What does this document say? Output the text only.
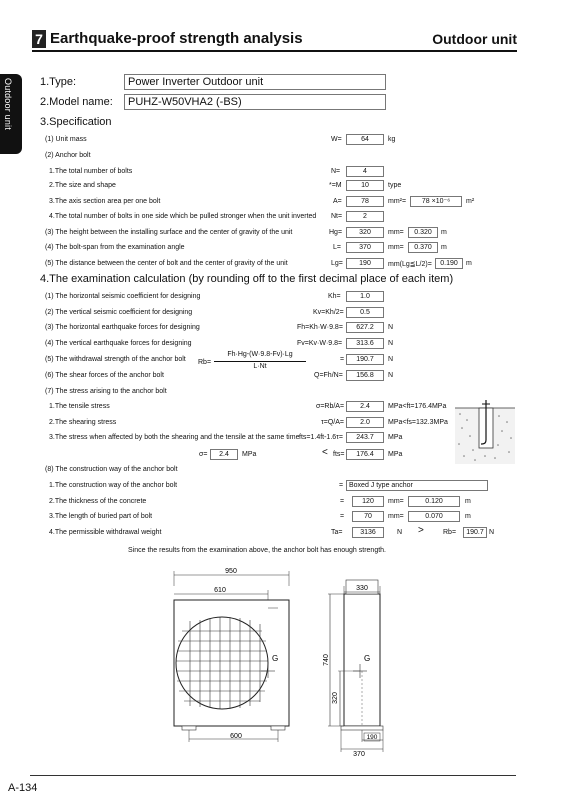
7 Earthquake-proof strength analysis	Outdoor unit
Outdoor unit 1.Type:	Power Inverter Outdoor unit
2.Model name:	PUHZ-W50VHA2 (-BS)
3.Specification
(1) Unit mass	W=	64	kg
(2) Anchor bolt
1.The total number of bolts	N=	4
2.The size and shape	*=M	10	type
3.The axis section area per one bolt	A=	78	mm²=	78 ×10⁻⁶	m²
4.The total number of bolts in one side which be pulled stronger when the unit inverted Nt=	2
(3) The height between the installing surface and the center of gravity of the unit	Hg=	320	mm=	0.320	m
(4) The bolt-span from the examination angle	L=	370	mm=	0.370	m
(5) The distance between the center of bolt and the center of gravity of the unit	Lg=	190	mm(Lg≦L/2)=	0.190	m
4.The examination calculation (by rounding off to the first decimal place of each item)
(1) The horizontal seismic coefficient for designing	Kh=	1.0
(2) The vertical seismic coefficient for designing	Kv=Kh/2=	0.5
(3) The horizontal earthquake forces for designing	Fh=Kh·W·9.8=	627.2	N
(4) The vertical earthquake forces for designing	Fv=Kv·W·9.8=	313.6	N
(5) The withdrawal strength of the anchor bolt Rb=
Fh·Hg-(W·9.8-Fv)·Lg
L·Nt
=	190.7	N
(6) The shear forces of the anchor bolt	Q=Fh/N=	156.8	N
(7) The stress arising to the anchor bolt
1.The tensile stress	σ=Rb/A=	2.4	MPa<ft=176.4MPa
2.The shearing stress	τ=Q/A=	2.0	MPa<fs=132.3MPa
3.The stress when affected by both the shearing and the tensile at the same time fts=1.4ft-1.6τ=	243.7	MPa
σ=	2.4	MPa	< fts=	176.4	MPa
(8) The construction way of the anchor bolt
1.The construction way of the anchor bolt	= Boxed J type anchor
2.The thickness of the concrete	=	120	mm=	0.120	m
3.The length of buried part of bolt	=	70	mm=	0.070	m
4.The permissible withdrawal weight	Ta=	3136	N >	Rb=	190.7 N
Since the results from the examination above, the anchor bolt has enough strength.
950
610
G
600
330
G
740
320
190
370
A-134
